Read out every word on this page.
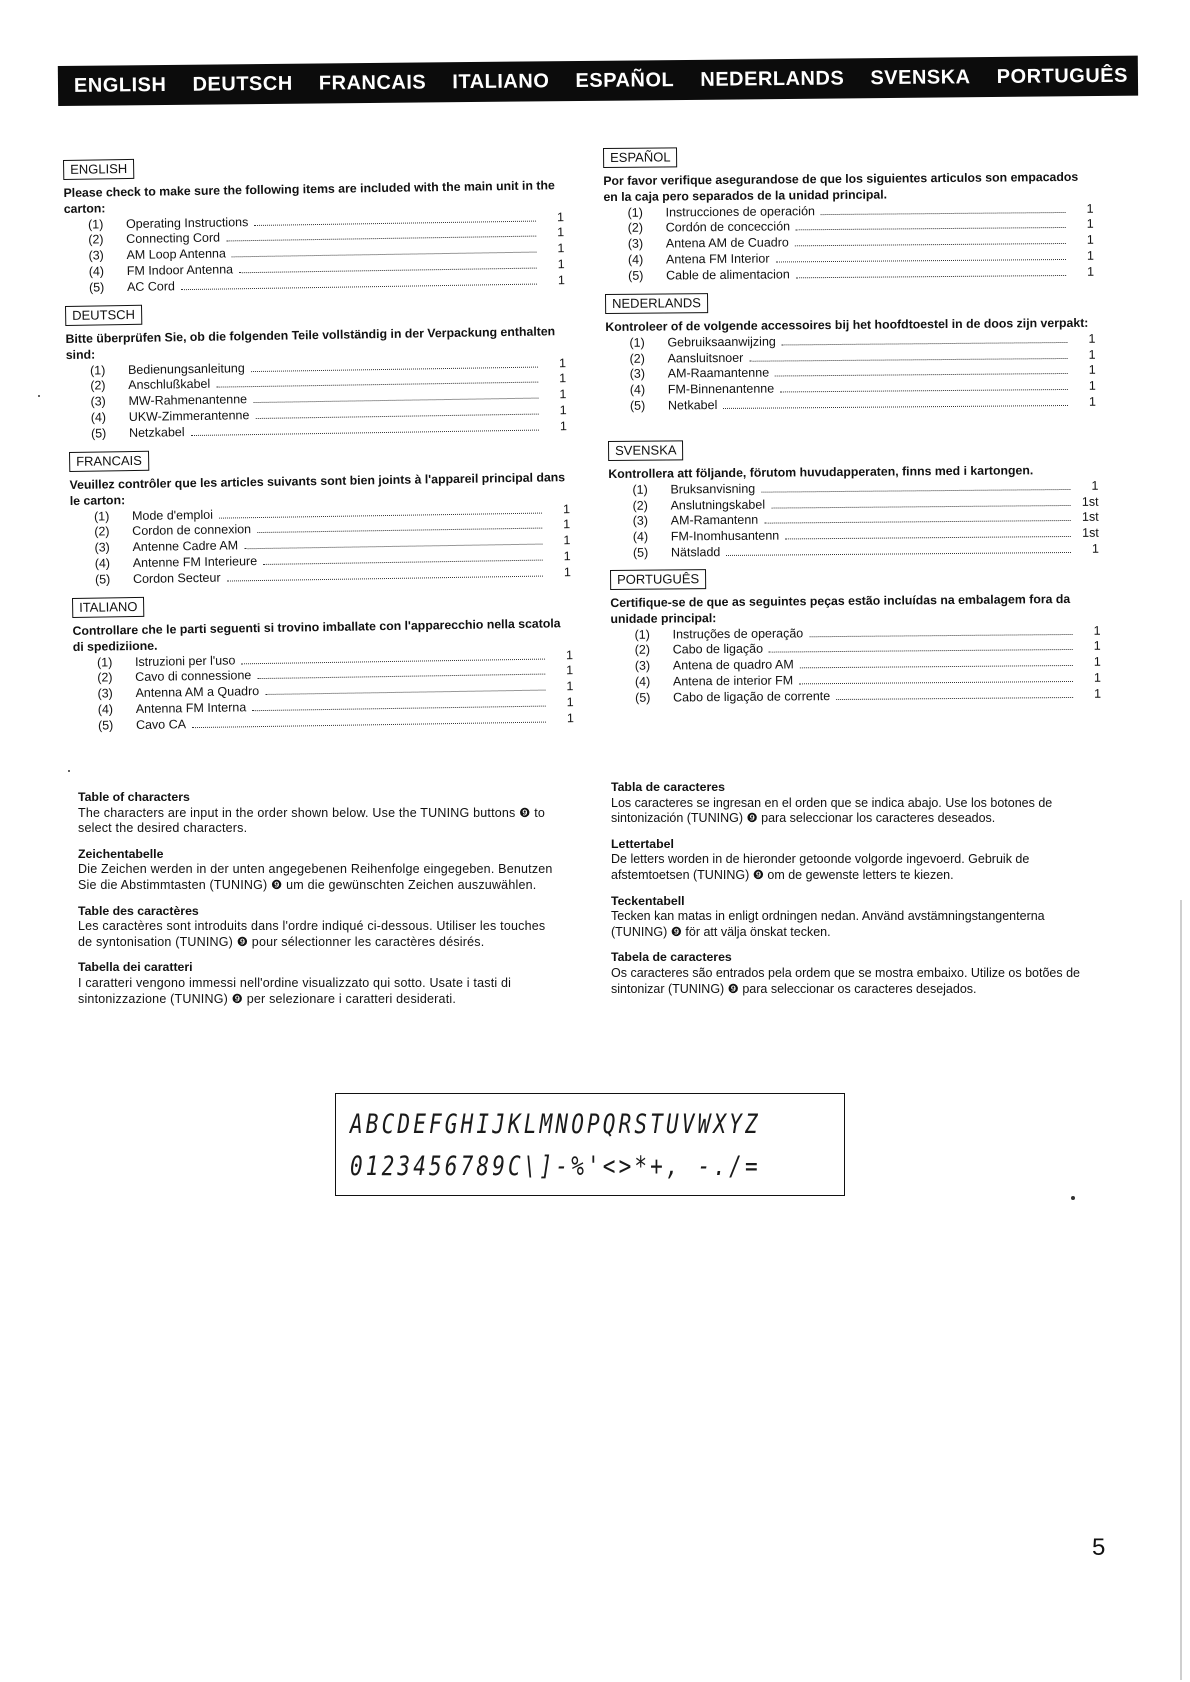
ENGLISH DEUTSCH FRANCAIS ITALIANO ESPAÑOL NEDERLANDS SVENSKA PORTUGUÊS
ENGLISH
Please check to make sure the following items are included with the main unit in the carton:
(1)	Operating Instructions	1
(2)	Connecting Cord	1
(3)	AM Loop Antenna	1
(4)	FM Indoor Antenna	1
(5)	AC Cord	1
DEUTSCH
Bitte überprüfen Sie, ob die folgenden Teile vollständig in der Verpackung enthalten sind:
(1)	Bedienungsanleitung	1
(2)	Anschlußkabel	1
(3)	MW-Rahmenantenne	1
(4)	UKW-Zimmerantenne	1
(5)	Netzkabel	1
FRANCAIS
Veuillez contrôler que les articles suivants sont bien joints à l'appareil principal dans le carton:
(1)	Mode d'emploi	1
(2)	Cordon de connexion	1
(3)	Antenne Cadre AM	1
(4)	Antenne FM Interieure	1
(5)	Cordon Secteur	1
ITALIANO
Controllare che le parti seguenti si trovino imballate con l'apparecchio nella scatola di spediziione.
(1)	Istruzioni per l'uso	1
(2)	Cavo di connessione	1
(3)	Antenna AM a Quadro	1
(4)	Antenna FM Interna	1
(5)	Cavo CA	1
ESPAÑOL
Por favor verifique asegurandose de que los siguientes articulos son empacados en la caja pero separados de la unidad principal.
(1)	Instrucciones de operación	1
(2)	Cordón de concección	1
(3)	Antena AM de Cuadro	1
(4)	Antena FM Interior	1
(5)	Cable de alimentacion	1
NEDERLANDS
Kontroleer of de volgende accessoires bij het hoofdtoestel in de doos zijn verpakt:
(1)	Gebruiksaanwijzing	1
(2)	Aansluitsnoer	1
(3)	AM-Raamantenne	1
(4)	FM-Binnenantenne	1
(5)	Netkabel	1
SVENSKA
Kontrollera att följande, förutom huvudapperaten, finns med i kartongen.
(1)	Bruksanvisning	1
(2)	Anslutningskabel	1st
(3)	AM-Ramantenn	1st
(4)	FM-Inomhusantenn	1st
(5)	Nätsladd	1
PORTUGUÊS
Certifique-se de que as seguintes peças estão incluídas na embalagem fora da unidade principal:
(1)	Instruções de operação	1
(2)	Cabo de ligação	1
(3)	Antena de quadro AM	1
(4)	Antena de interior FM	1
(5)	Cabo de ligação de corrente	1
Table of characters
The characters are input in the order shown below. Use the TUNING buttons ❾ to select the desired characters.
Zeichentabelle
Die Zeichen werden in der unten angegebenen Reihenfolge eingegeben. Benutzen Sie die Abstimmtasten (TUNING) ❾ um die gewünschten Zeichen auszuwählen.
Table des caractères
Les caractères sont introduits dans l'ordre indiqué ci-dessous. Utiliser les touches de syntonisation (TUNING) ❾ pour sélectionner les caractères désirés.
Tabella dei caratteri
I caratteri vengono immessi nell'ordine visualizzato qui sotto. Usate i tasti di sintonizzazione (TUNING) ❾ per selezionare i caratteri desiderati.
Tabla de caracteres
Los caracteres se ingresan en el orden que se indica abajo. Use los botones de sintonización (TUNING) ❾ para seleccionar los caracteres deseados.
Lettertabel
De letters worden in de hieronder getoonde volgorde ingevoerd. Gebruik de afstemtoetsen (TUNING) ❾ om de gewenste letters te kiezen.
Teckentabell
Tecken kan matas in enligt ordningen nedan. Använd avstämningstangenterna (TUNING) ❾ för att välja önskat tecken.
Tabela de caracteres
Os caracteres são entrados pela ordem que se mostra embaixo. Utilize os botões de sintonizar (TUNING) ❾ para seleccionar os caracteres desejados.
ABCDEFGHIJKLMNOPQRSTUVWXYZ
0123456789C\]-%'<>*+, -./=
5
